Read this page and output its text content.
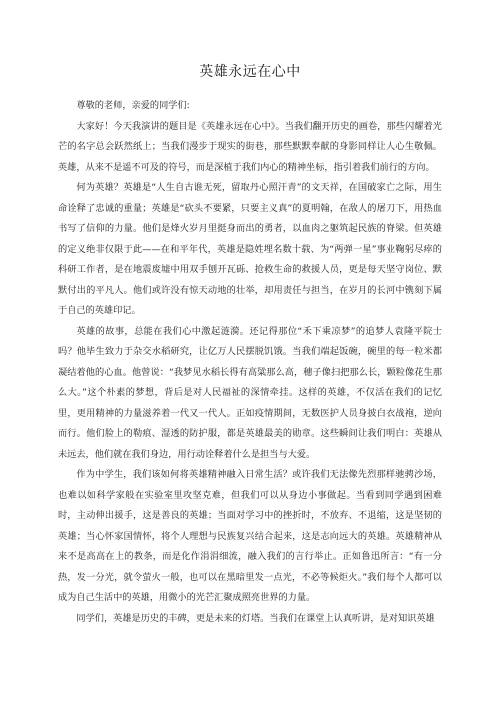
英雄永远在心中

尊敬的老师，亲爱的同学们:

大家好！今天我演讲的题目是《英雄永远在心中》。当我们翻开历史的画卷，那些闪耀着光芒的名字总会跃然纸上；当我们漫步于现实的街巷，那些默默奉献的身影同样让人心生敬佩。英雄，从来不是遥不可及的符号，而是深植于我们内心的精神坐标，指引着我们前行的方向。

何为英雄？英雄是“人生自古谁无死，留取丹心照汗青”的文天祥，在国破家亡之际，用生命诠释了忠诚的重量；英雄是“砍头不要紧，只要主义真”的夏明翰，在敌人的屠刀下，用热血书写了信仰的力量。他们是烽火岁月里挺身而出的勇者，以血肉之躯筑起民族的脊梁。但英雄的定义绝非仅限于此——在和平年代，英雄是隐姓埋名数十载、为“两弹一星”事业鞠躬尽瘁的科研工作者，是在地震废墟中用双手刨开瓦砾、抢救生命的救援人员，更是每天坚守岗位、默默付出的平凡人。他们或许没有惊天动地的壮举，却用责任与担当，在岁月的长河中镌刻下属于自己的英雄印记。

英雄的故事，总能在我们心中激起涟漪。还记得那位“禾下乘凉梦”的追梦人袁隆平院士吗？他毕生致力于杂交水稻研究，让亿万人民摆脱饥饿。当我们端起饭碗，碗里的每一粒米都凝结着他的心血。他曾说：“我梦见水稻长得有高粱那么高，穗子像扫把那么长，颗粒像花生那么大。”这个朴素的梦想，背后是对人民福祉的深情牵挂。这样的英雄，不仅活在我们的记忆里，更用精神的力量滋养着一代又一代人。正如疫情期间，无数医护人员身披白衣战袍，逆向而行。他们脸上的勒痕、湿透的防护服，都是英雄最美的勋章。这些瞬间让我们明白：英雄从未远去，他们就在我们身边，用行动诠释着什么是担当与大爱。

作为中学生，我们该如何将英雄精神融入日常生活？或许我们无法像先烈那样驰骋沙场，也难以如科学家般在实验室里攻坚克难，但我们可以从身边小事做起。当看到同学遇到困难时，主动伸出援手，这是善良的英雄；当面对学习中的挫折时，不放弃、不退缩，这是坚韧的英雄；当心怀家国情怀，将个人理想与民族复兴结合起来，这是志向远大的英雄。英雄精神从来不是高高在上的教条，而是化作涓涓细流，融入我们的言行举止。正如鲁迅所言：“有一分热，发一分光，就令萤火一般，也可以在黑暗里发一点光，不必等候炬火。”我们每个人都可以成为自己生活中的英雄，用微小的光芒汇聚成照亮世界的力量。

同学们，英雄是历史的丰碑，更是未来的灯塔。当我们在课堂上认真听讲，是对知识英雄
